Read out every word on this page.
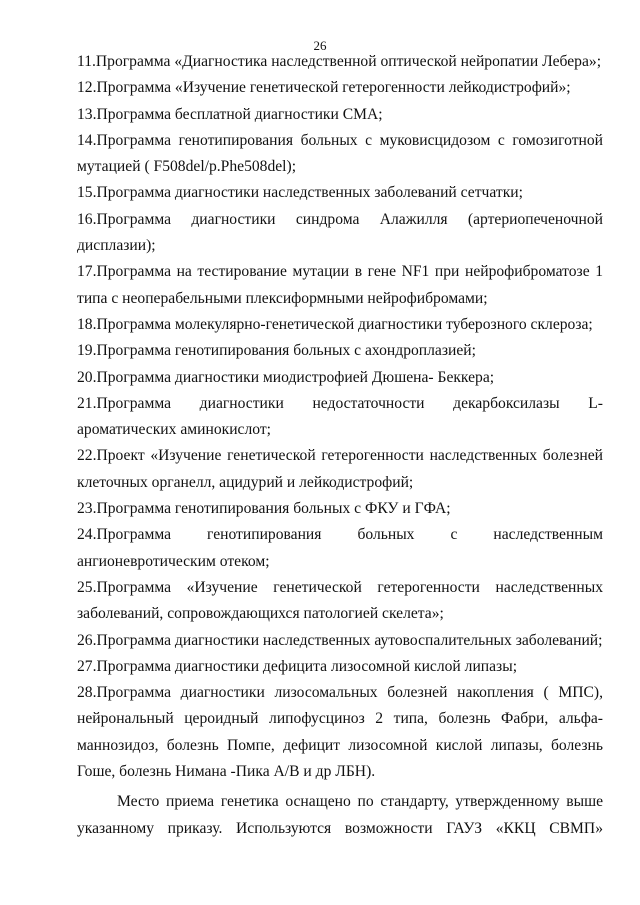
26

11.Программа «Диагностика наследственной оптической нейропатии Лебера»;

12.Программа «Изучение генетической гетерогенности лейкодистрофий»;

13.Программа бесплатной диагностики СМА;

14.Программа генотипирования больных с муковисцидозом с гомозиготной мутацией ( F508del/p.Phe508del);

15.Программа диагностики наследственных заболеваний сетчатки;

16.Программа диагностики синдрома Алажилля (артериопеченочной дисплазии);

17.Программа на тестирование мутации в гене NF1 при нейрофиброматозе 1 типа с неоперабельными плексиформными нейрофибромами;

18.Программа молекулярно-генетической диагностики туберозного склероза;

19.Программа генотипирования больных с ахондроплазией;

20.Программа диагностики миодистрофией Дюшена- Беккера;

21.Программа диагностики недостаточности декарбоксилазы L-ароматических аминокислот;

22.Проект «Изучение генетической гетерогенности наследственных болезней клеточных органелл, ацидурий и лейкодистрофий;

23.Программа генотипирования больных с ФКУ и ГФА;

24.Программа генотипирования больных с наследственным ангионевротическим отеком;

25.Программа «Изучение генетической гетерогенности наследственных заболеваний, сопровождающихся патологией скелета»;

26.Программа диагностики наследственных аутовоспалительных заболеваний;

27.Программа диагностики дефицита лизосомной кислой липазы;

28.Программа диагностики лизосомальных болезней накопления ( МПС), нейрональный цероидный липофусциноз 2 типа, болезнь Фабри, альфа-маннозидоз, болезнь Помпе, дефицит лизосомной кислой липазы, болезнь Гоше, болезнь Нимана -Пика А/В и др ЛБН).

Место приема генетика оснащено по стандарту, утвержденному выше указанному приказу. Используются возможности ГАУЗ «ККЦ СВМП»
